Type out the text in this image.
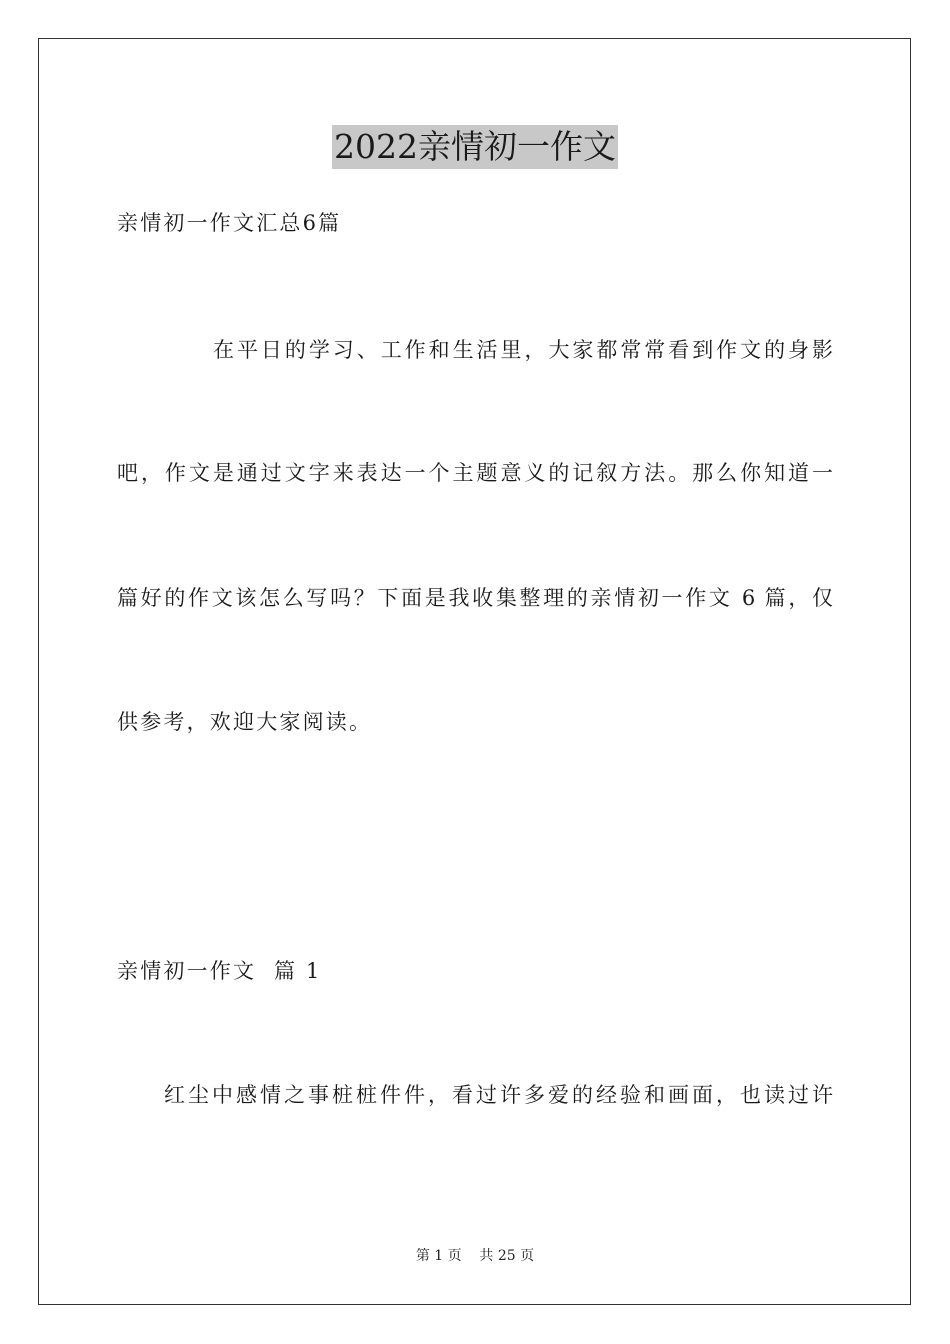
2022亲情初一作文
亲情初一作文汇总6篇
在平日的学习、工作和生活里，大家都常常看到作文的身影
吧，作文是通过文字来表达一个主题意义的记叙方法。那么你知道一
篇好的作文该怎么写吗？下面是我收集整理的亲情初一作文 6 篇，仅
供参考，欢迎大家阅读。
亲情初一作文  篇 1
红尘中感情之事桩桩件件，看过许多爱的经验和画面，也读过许
第 1 页    共 25 页
